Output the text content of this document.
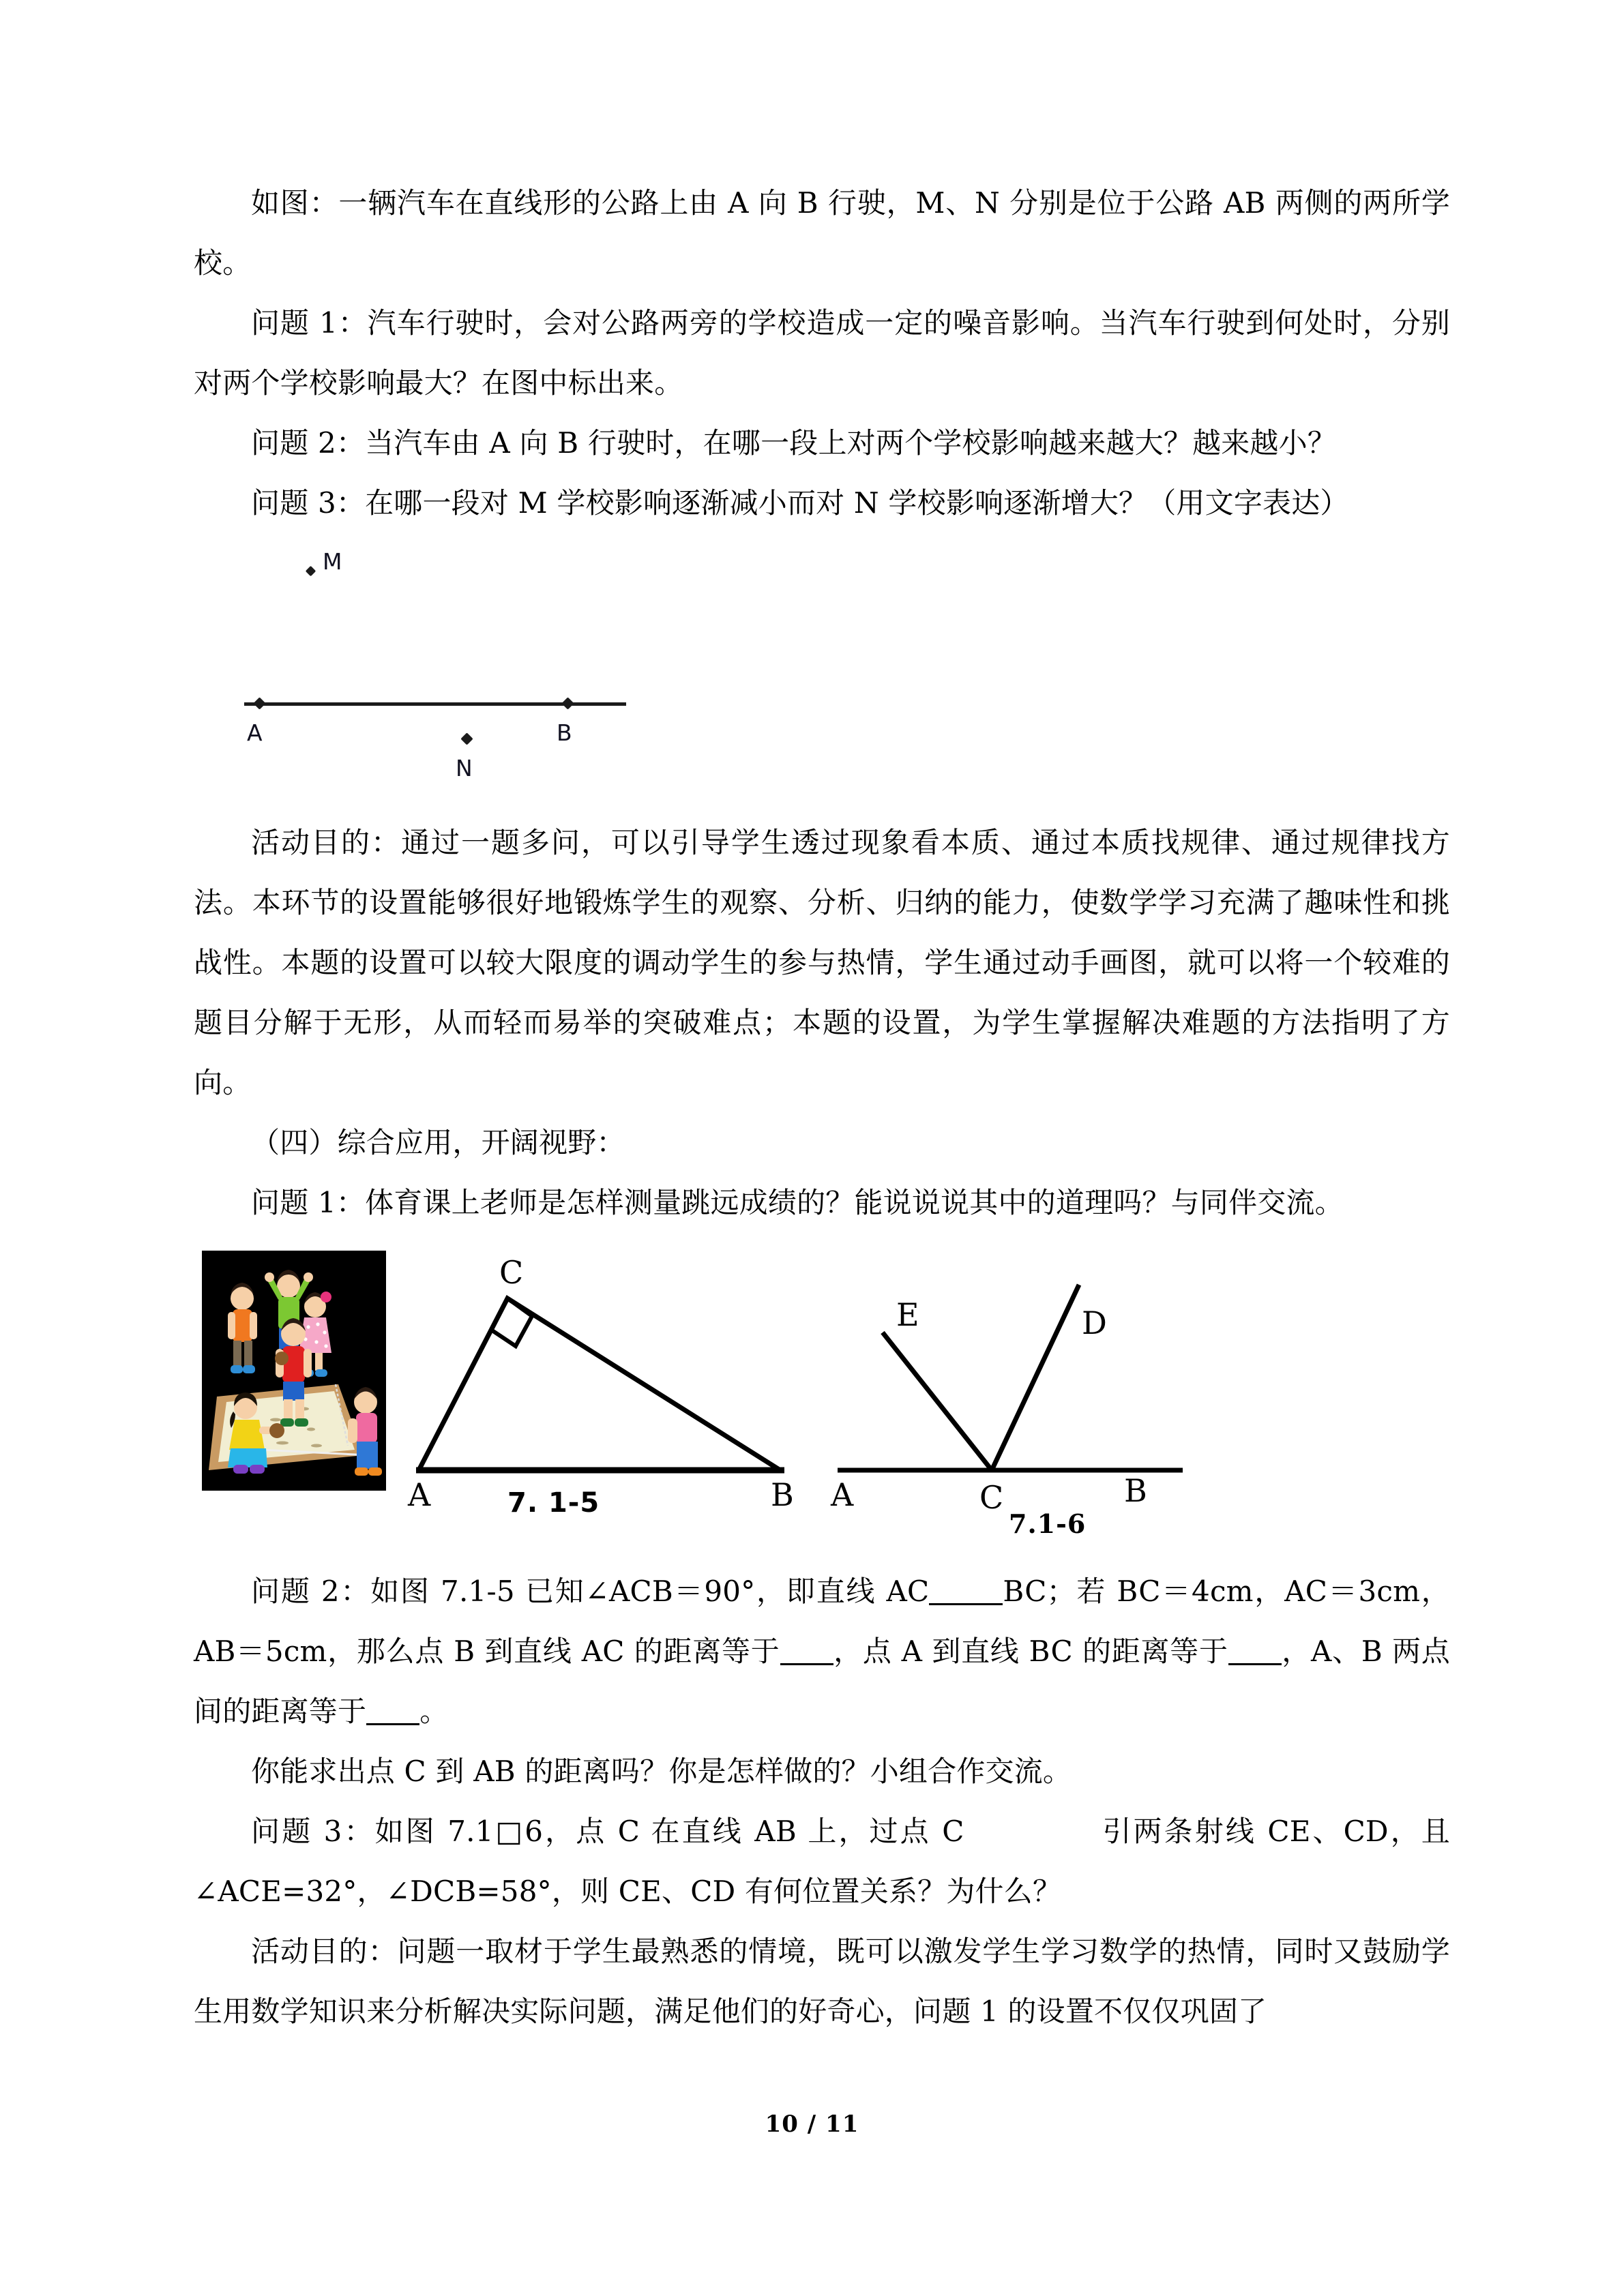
如图：一辆汽车在直线形的公路上由 A 向 B 行驶，M、N 分别是位于公路 AB 两侧的两所学校。

问题 1：汽车行驶时，会对公路两旁的学校造成一定的噪音影响。当汽车行驶到何处时，分别对两个学校影响最大？在图中标出来。

问题 2：当汽车由 A 向 B 行驶时，在哪一段上对两个学校影响越来越大？越来越小？

问题 3：在哪一段对 M 学校影响逐渐减小而对 N 学校影响逐渐增大？（用文字表达）

A	B
M
N

活动目的：通过一题多问，可以引导学生透过现象看本质、通过本质找规律、通过规律找方法。本环节的设置能够很好地锻炼学生的观察、分析、归纳的能力，使数学学习充满了趣味性和挑战性。本题的设置可以较大限度的调动学生的参与热情，学生通过动手画图，就可以将一个较难的题目分解于无形，从而轻而易举的突破难点；本题的设置，为学生掌握解决难题的方法指明了方向。

（四）综合应用，开阔视野：

问题 1：体育课上老师是怎样测量跳远成绩的？能说说说其中的道理吗？与同伴交流。

C
A	B
E	D
A	C	B
7. 1-5
7.1-6

问题 2：如图 7.1-5 已知∠ACB＝90°，即直线 AC	BC；若 BC＝4cm，AC＝3cm，AB＝5cm，那么点 B 到直线 AC 的距离等于 ，点 A 到直线 BC 的距离等于 ，A、B 两点间的距离等于 。

你能求出点 C 到 AB 的距离吗？你是怎样做的？小组合作交流。

问题 3：如图 7.1□6，点 C 在直线 AB 上，过点 C	引两条射线 CE、CD，且∠ACE=32°，∠DCB=58°，则 CE、CD 有何位置关系？为什么？

活动目的：问题一取材于学生最熟悉的情境，既可以激发学生学习数学的热情，同时又鼓励学生用数学知识来分析解决实际问题，满足他们的好奇心，问题 1 的设置不仅仅巩固了

10 / 11
